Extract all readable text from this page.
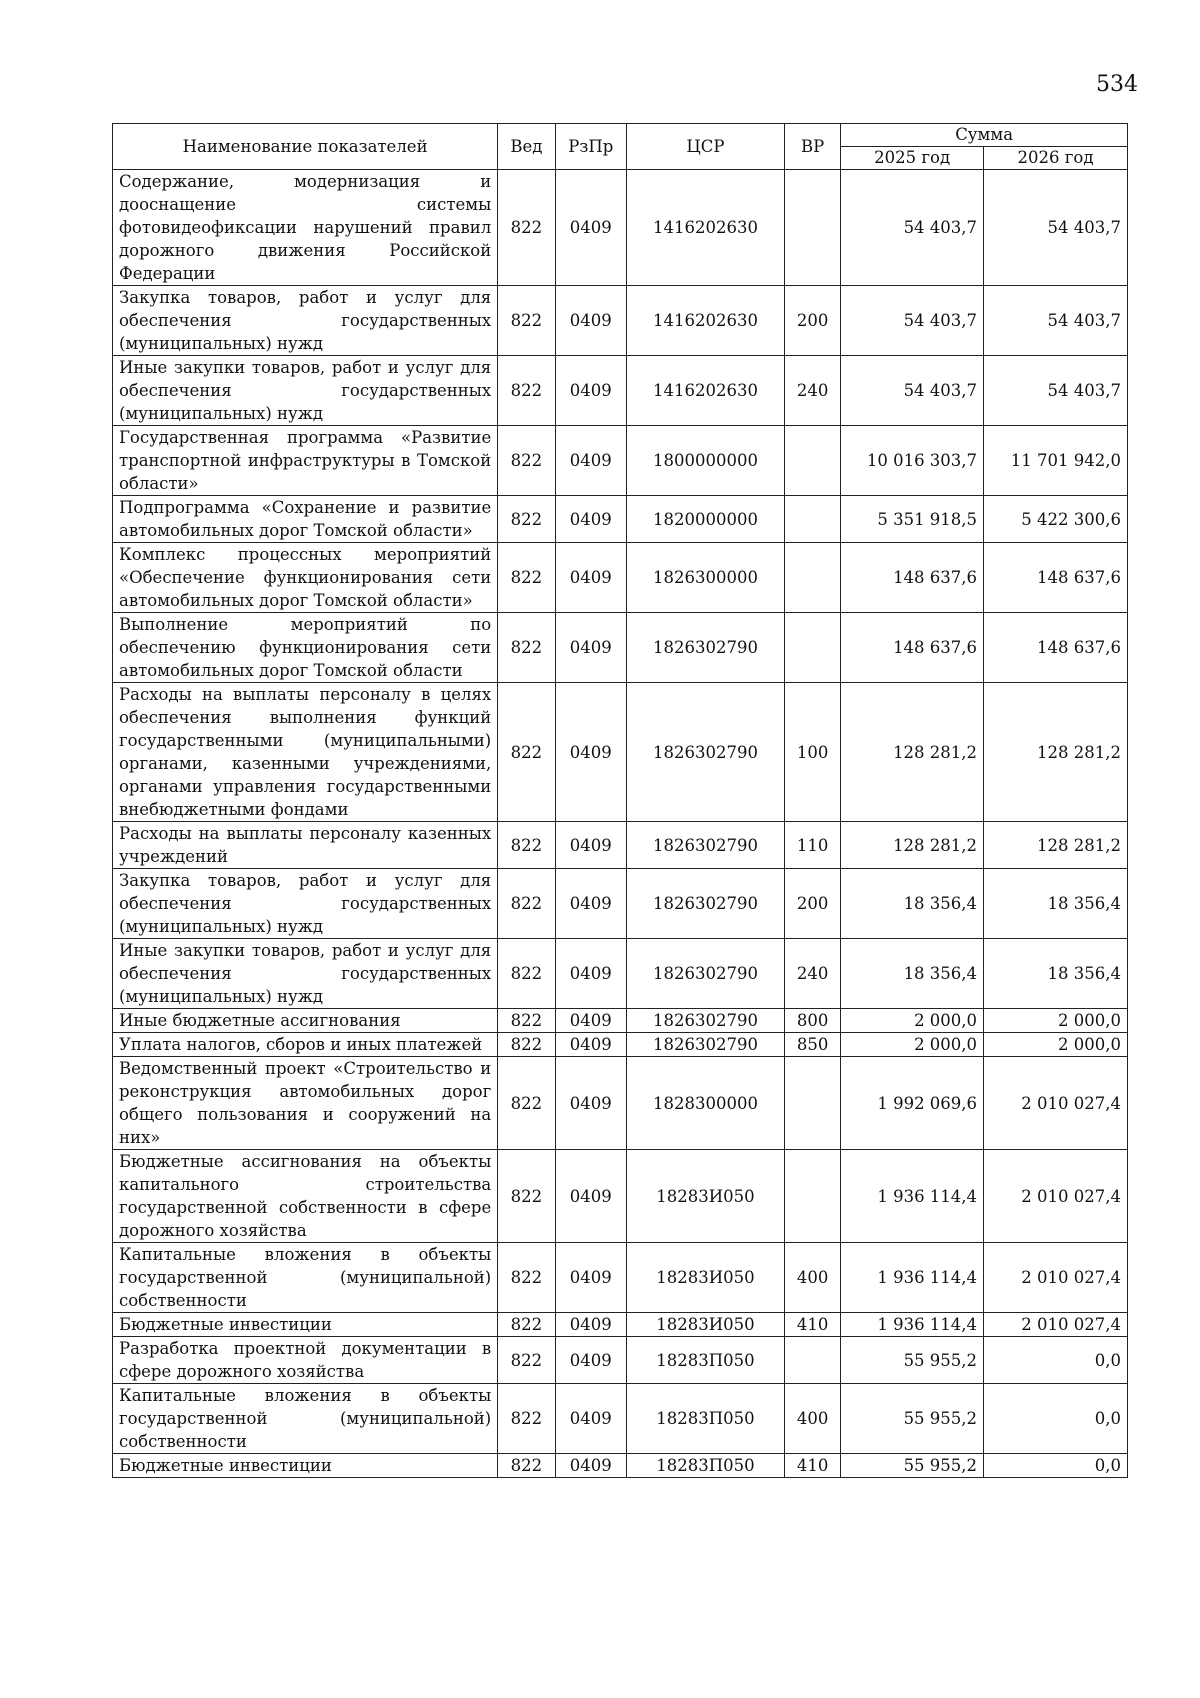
534
Наименование показателей	Вед	РзПр	ЦСР	ВР	Сумма	
					2025 год	2026 год
Содержание, модернизация и дооснащение системы фотовидеофиксации нарушений правил дорожного движения Российской Федерации	822	0409	1416202630		54 403,7	54 403,7
Закупка товаров, работ и услуг для обеспечения государственных (муниципальных) нужд	822	0409	1416202630	200	54 403,7	54 403,7
Иные закупки товаров, работ и услуг для обеспечения государственных (муниципальных) нужд	822	0409	1416202630	240	54 403,7	54 403,7
Государственная программа «Развитие транспортной инфраструктуры в Томской области»	822	0409	1800000000		10 016 303,7	11 701 942,0
Подпрограмма «Сохранение и развитие автомобильных дорог Томской области»	822	0409	1820000000		5 351 918,5	5 422 300,6
Комплекс процессных мероприятий «Обеспечение функционирования сети автомобильных дорог Томской области»	822	0409	1826300000		148 637,6	148 637,6
Выполнение мероприятий по обеспечению функционирования сети автомобильных дорог Томской области	822	0409	1826302790		148 637,6	148 637,6
Расходы на выплаты персоналу в целях обеспечения выполнения функций государственными (муниципальными) органами, казенными учреждениями, органами управления государственными внебюджетными фондами	822	0409	1826302790	100	128 281,2	128 281,2
Расходы на выплаты персоналу казенных учреждений	822	0409	1826302790	110	128 281,2	128 281,2
Закупка товаров, работ и услуг для обеспечения государственных (муниципальных) нужд	822	0409	1826302790	200	18 356,4	18 356,4
Иные закупки товаров, работ и услуг для обеспечения государственных (муниципальных) нужд	822	0409	1826302790	240	18 356,4	18 356,4
Иные бюджетные ассигнования	822	0409	1826302790	800	2 000,0	2 000,0
Уплата налогов, сборов и иных платежей	822	0409	1826302790	850	2 000,0	2 000,0
Ведомственный проект «Строительство и реконструкция автомобильных дорог общего пользования и сооружений на них»	822	0409	1828300000		1 992 069,6	2 010 027,4
Бюджетные ассигнования на объекты капитального строительства государственной собственности в сфере дорожного хозяйства	822	0409	18283И050		1 936 114,4	2 010 027,4
Капитальные вложения в объекты государственной (муниципальной) собственности	822	0409	18283И050	400	1 936 114,4	2 010 027,4
Бюджетные инвестиции	822	0409	18283И050	410	1 936 114,4	2 010 027,4
Разработка проектной документации в сфере дорожного хозяйства	822	0409	18283П050		55 955,2	0,0
Капитальные вложения в объекты государственной (муниципальной) собственности	822	0409	18283П050	400	55 955,2	0,0
Бюджетные инвестиции	822	0409	18283П050	410	55 955,2	0,0
